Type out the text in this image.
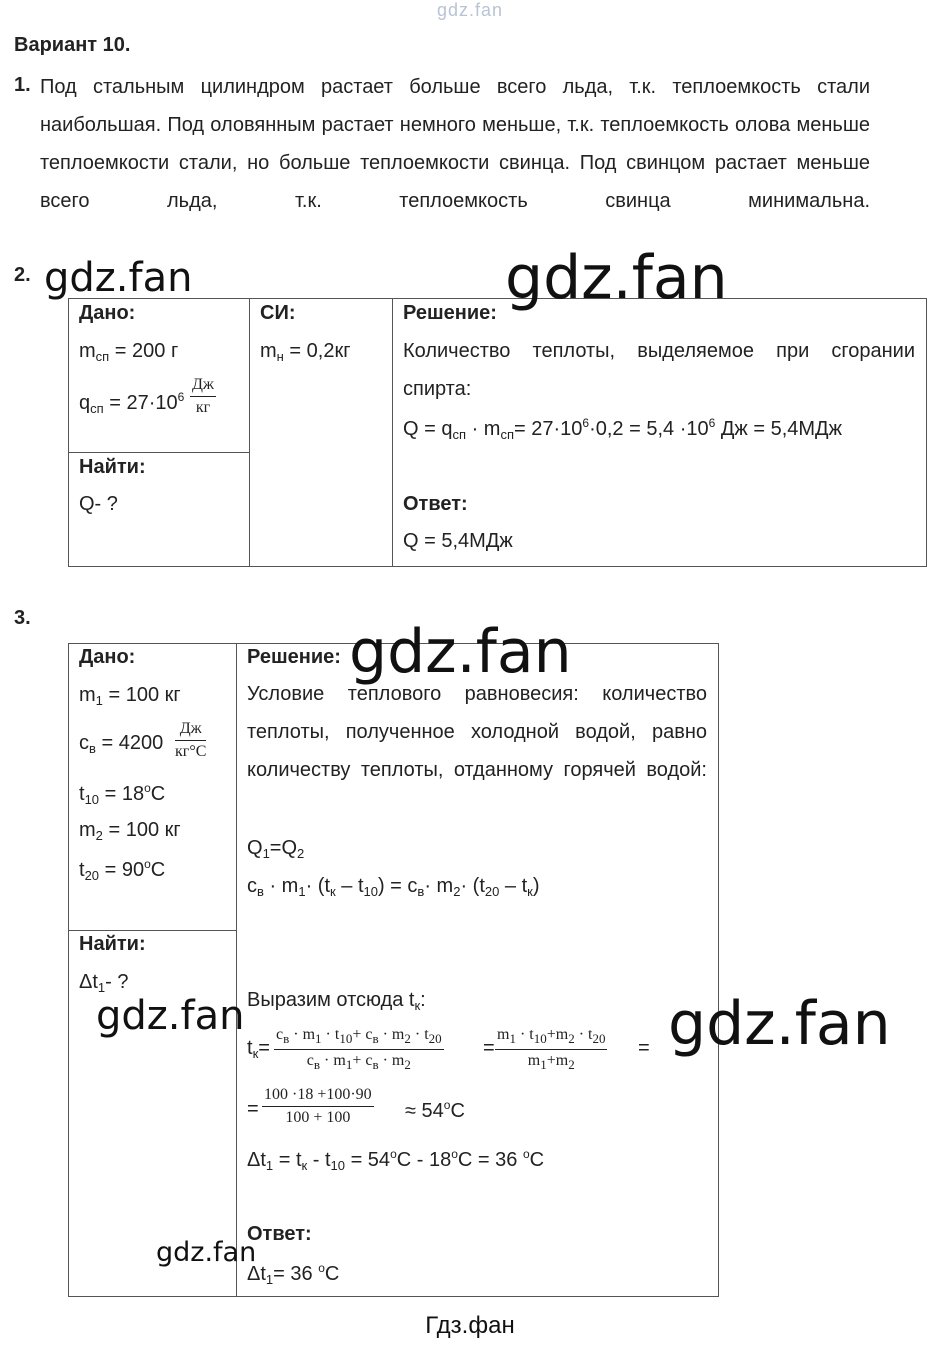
gdz.fan
Вариант 10.
1. Под стальным цилиндром растает больше всего льда, т.к. теплоемкость стали наибольшая. Под оловянным растает немного меньше, т.к. теплоемкость олова меньше теплоемкости стали, но больше теплоемкости свинца. Под свинцом растает меньше всего льда, т.к. теплоемкость свинца минимальна.
2.
Дано:
$m_{сп} = 200$ г
$q_{сп} = 27\cdot 10^6$
Дж
кг
Найти:
Q- ?
СИ:
$m_н = 0,2кг$
Решение:
Количество теплоты, выделяемое при сгорании спирта:
$Q = q_{сп} \cdot m_{сп}= 27\cdot 10^6\cdot 0,2 = 5,4 \cdot 10^6$ Дж = 5,4МДж
Ответ:
Q = 5,4МДж
3.
Дано:
$m_1 = 100$ кг
$c_в = 4200$
Дж
кг°С
$t_{10} = 18^oC$
$m_2 = 100$ кг
$t_{20} = 90^oC$
Найти:
$\Delta t_1-$ ?
Решение:
Условие теплового равновесия: количество теплоты, полученное холодной водой, равно количеству теплоты, отданному горячей водой:
$Q_1=Q_2$
$c_в \cdot m_1\cdot (t_к - t_{10}) = c_в\cdot m_2\cdot (t_{20} - t_к)$
Выразим отсюда $t_к$:
$t_к=$
$c_в \cdot m_1 \cdot t_{10}+ c_в \cdot m_2 \cdot t_{20}$
$c_в \cdot m_1+ c_в \cdot m_2$
= $\frac{m_1 \cdot t_{10}+m_2 \cdot t_{20}}{m_1+m_2}$ =
= $\frac{100 \cdot 18 +100\cdot 90}{100 + 100} \approx 54^oC$
$\Delta t_1 = t_к - t_{10} = 54^oC - 18^oC = 36$ $^o$C
Ответ:
$\Delta t_1= 36$ $^o$C
gdz.fan	gdz.fan
gdz.fan
gdz.fan	gdz.fan
gdz.fan
Гдз.фан
